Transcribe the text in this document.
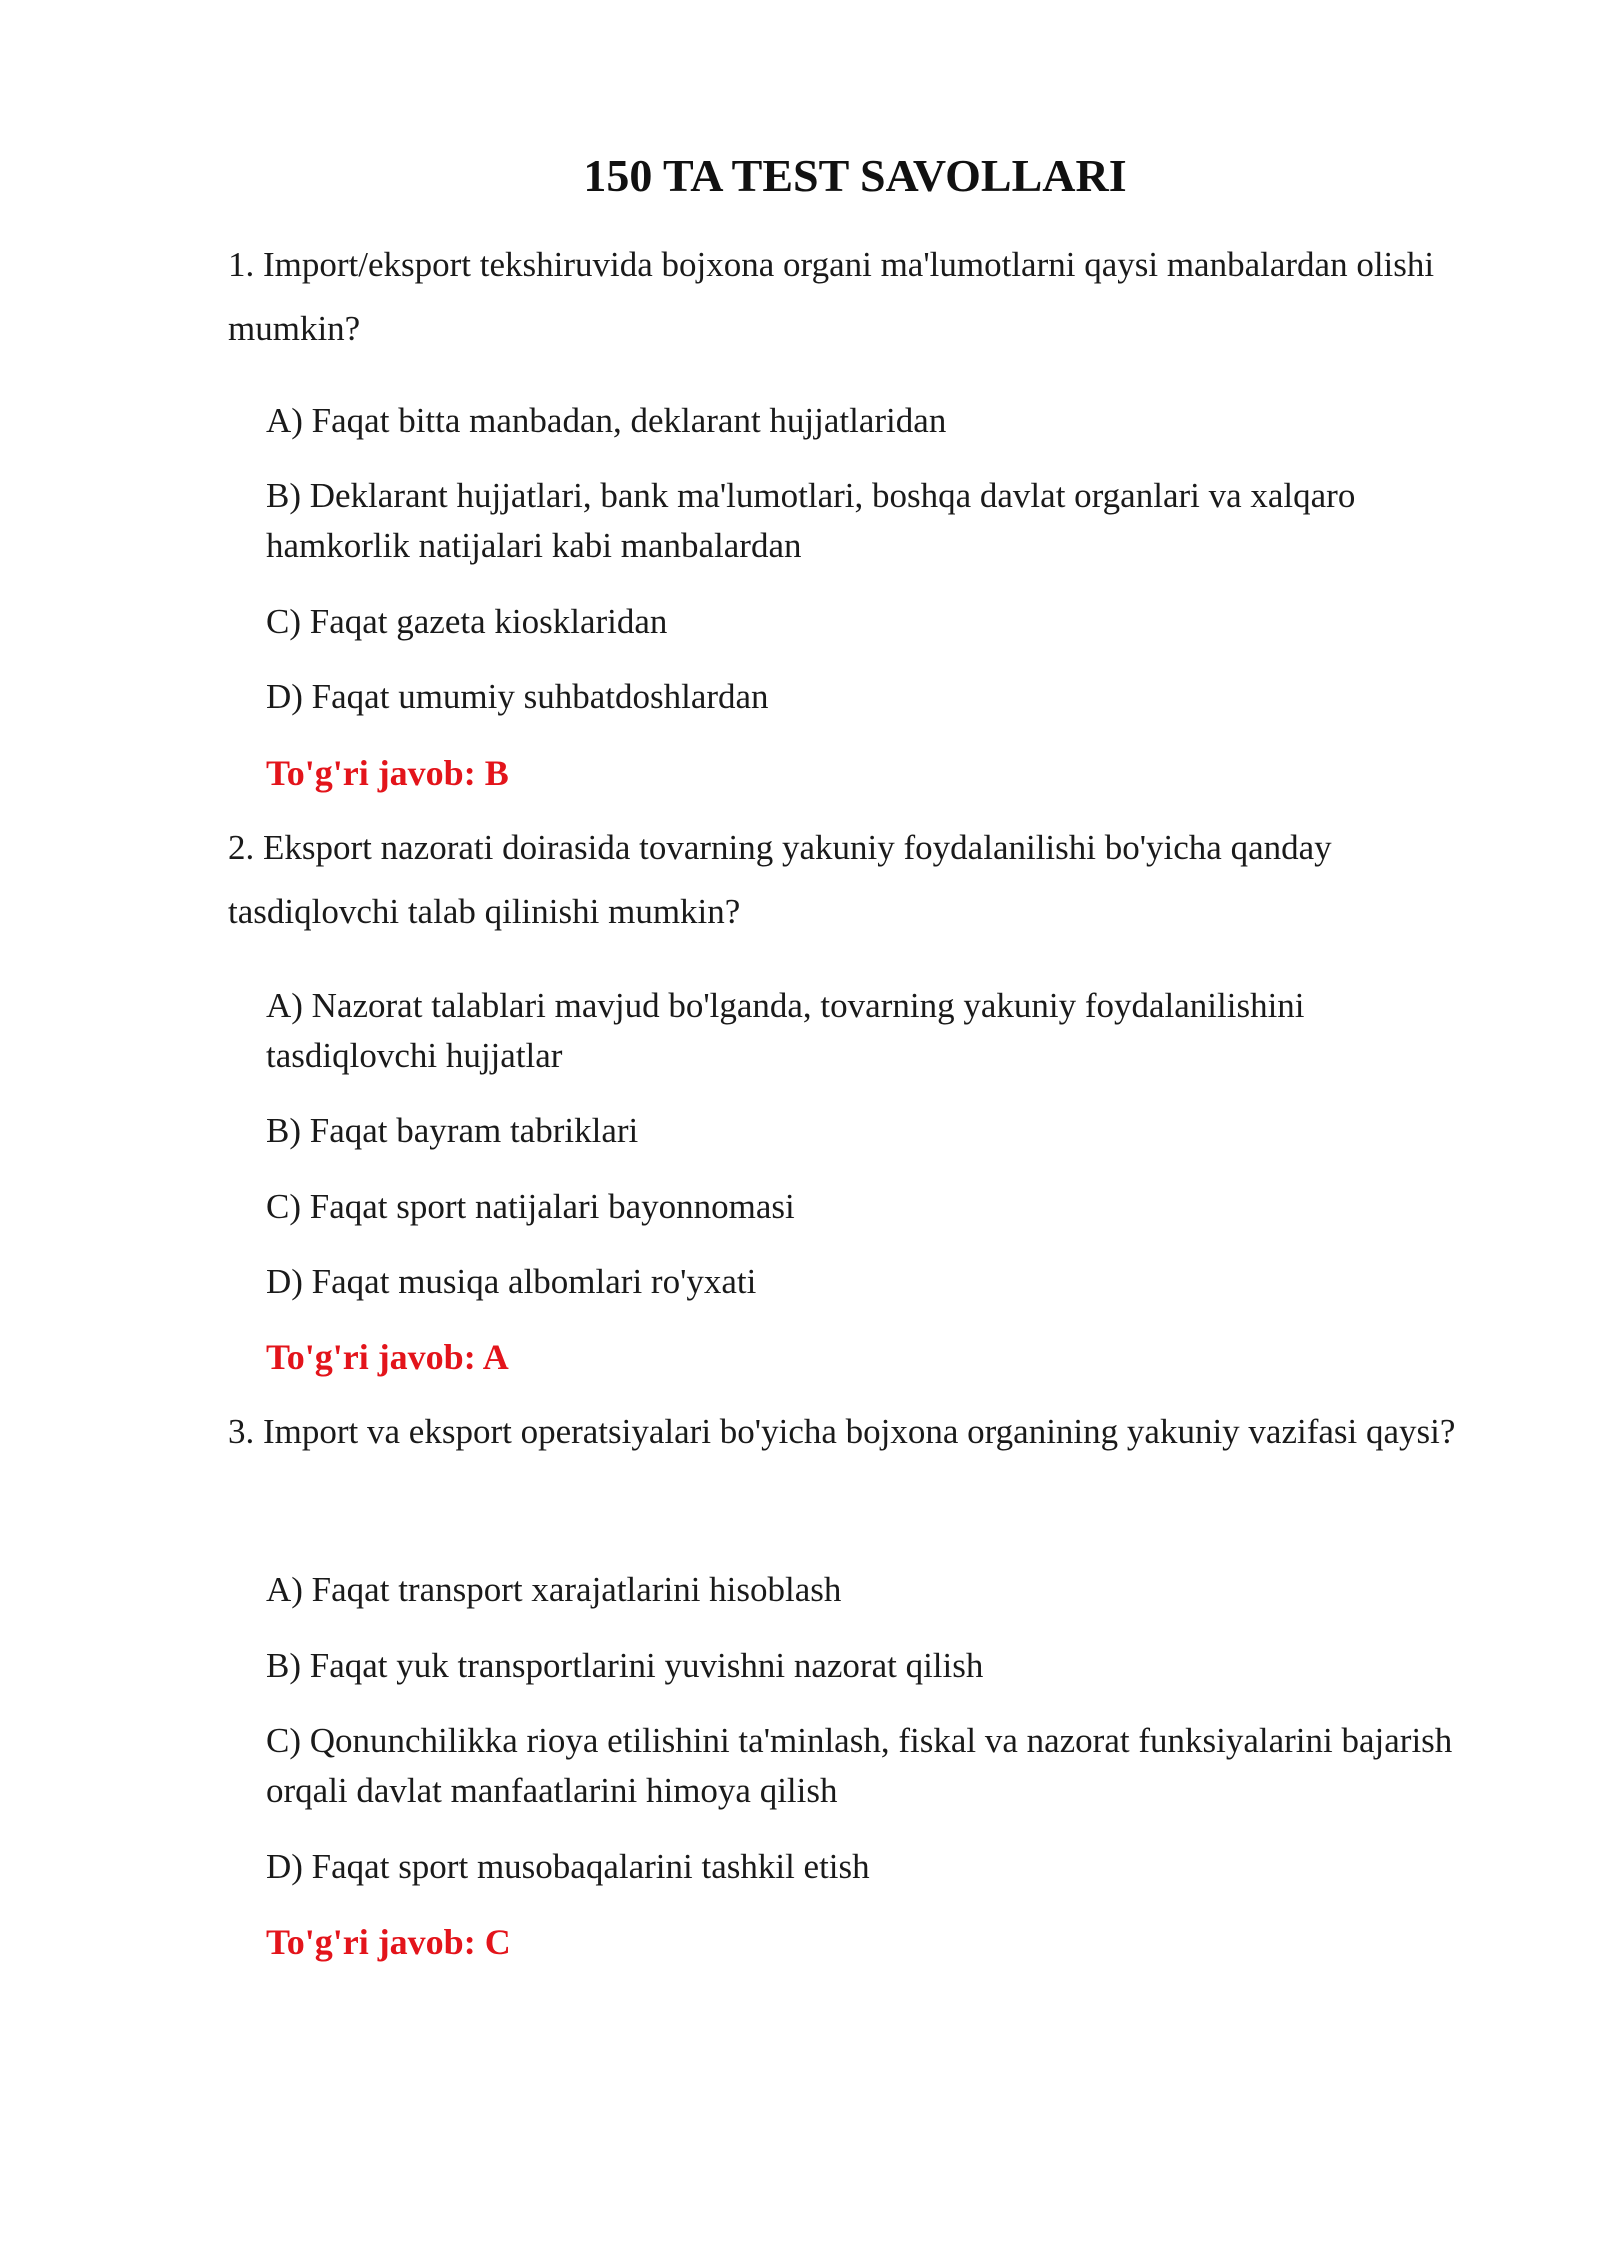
150 TA TEST SAVOLLARI

1. Import/eksport tekshiruvida bojxona organi ma'lumotlarni qaysi manbalardan olishi mumkin?

A) Faqat bitta manbadan, deklarant hujjatlaridan

B) Deklarant hujjatlari, bank ma'lumotlari, boshqa davlat organlari va xalqaro hamkorlik natijalari kabi manbalardan

C) Faqat gazeta kiosklaridan

D) Faqat umumiy suhbatdoshlardan

To'g'ri javob: B

2. Eksport nazorati doirasida tovarning yakuniy foydalanilishi bo'yicha qanday tasdiqlovchi talab qilinishi mumkin?

A) Nazorat talablari mavjud bo'lganda, tovarning yakuniy foydalanilishini tasdiqlovchi hujjatlar

B) Faqat bayram tabriklari

C) Faqat sport natijalari bayonnomasi

D) Faqat musiqa albomlari ro'yxati

To'g'ri javob: A

3. Import va eksport operatsiyalari bo'yicha bojxona organining yakuniy vazifasi qaysi?

A) Faqat transport xarajatlarini hisoblash

B) Faqat yuk transportlarini yuvishni nazorat qilish

C) Qonunchilikka rioya etilishini ta'minlash, fiskal va nazorat funksiyalarini bajarish orqali davlat manfaatlarini himoya qilish

D) Faqat sport musobaqalarini tashkil etish

To'g'ri javob: C
